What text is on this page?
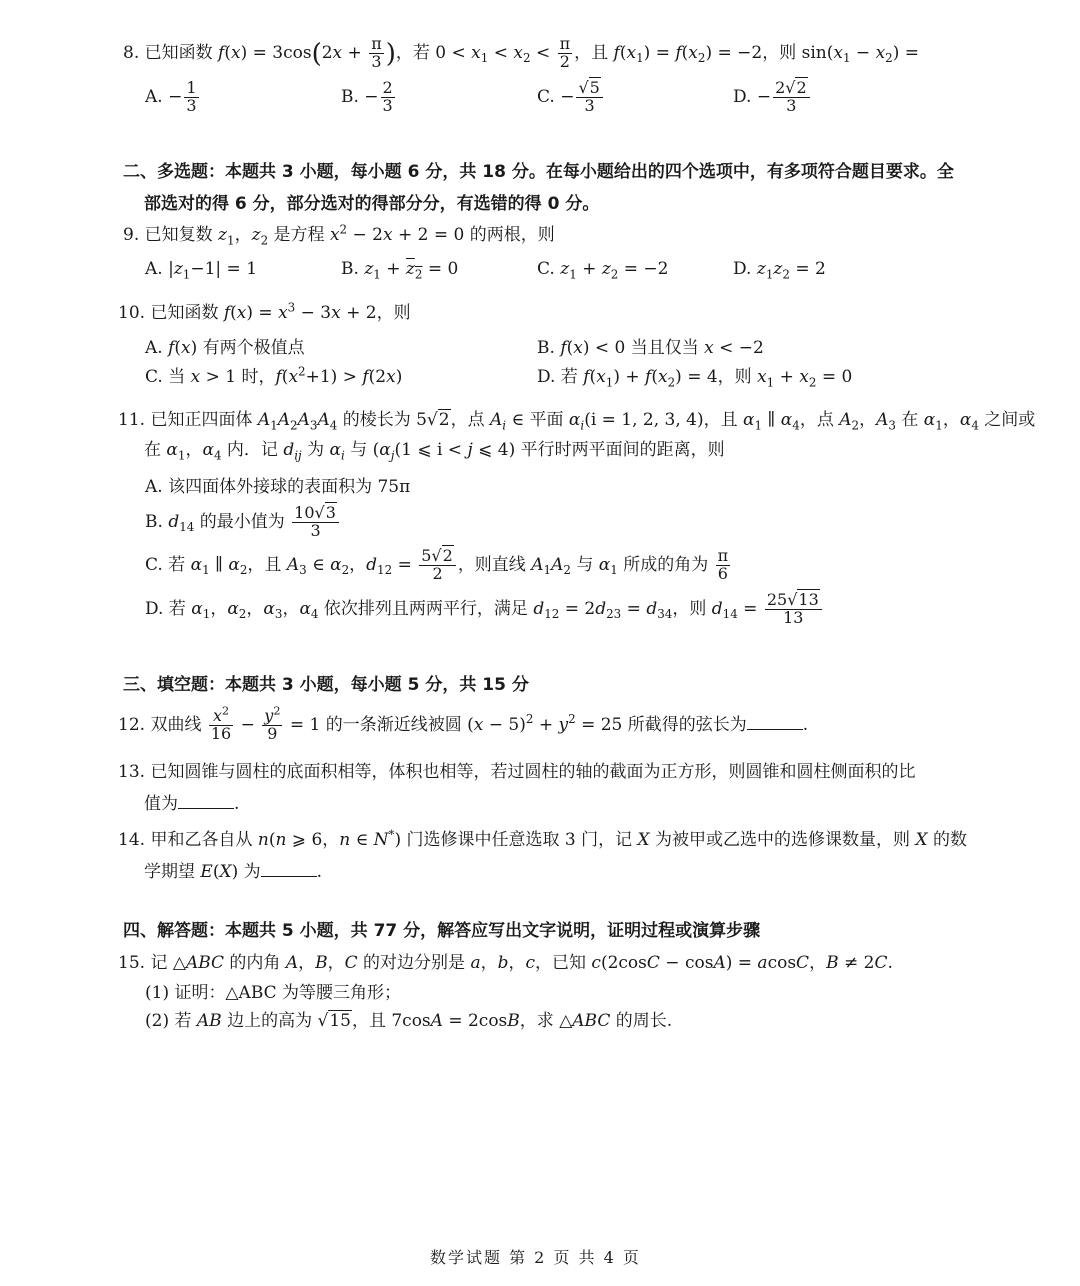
8. 已知函数 $f(x) = 3\cos(2x + \frac{\pi}{3}$ )，若 $0 < x_1 < x_2 < \frac{\pi}{2}$ ，且 $f(x_1) = f(x_2) = -2$，则 $\sin(x_1 - x_2)$ =
A. − $\frac{1}{3}$	B. − $\frac{2}{3}$	C. − $\frac{√5}{3}$	D. − $\frac{2√2}{3}$
二、多选题：本题共 3 小题，每小题 6 分，共 18 分。在每小题给出的四个选项中，有多项符合题目要求。全
部选对的得 6 分，部分选对的得部分分，有选错的得 0 分。
9. 已知复数 $z_1$，$z_2$ 是方程 $x^2 - 2x + 2 = 0$ 的两根，则
A. $|z_1-1| = 1$	B. $z_1 + z_2 = 0$	C. $z_1 + z_2 = -2$	D. $z_1z_2 = 2$
10. 已知函数 $f(x) = x^3 - 3x + 2$，则
A. f(x) 有两个极值点	B. f(x) < 0 当且仅当 x < −2
C. 当 x > 1 时，$f(x^2+1) > f(2x)$	D. 若 $f(x_1) + f(x_2) = 4$，则 $x_1 + x_2 = 0$
11. 已知正四面体 $A_1A_2A_3A_4$ 的棱长为 5√2，点 $A_i$ ∈ 平面 $\alpha_i(i = 1$, 2, 3, 4)，且 $\alpha_1$ ∥ $\alpha_4$，点 $A_2$，$A_3$ 在 $\alpha_1$，$\alpha_4$ 之间或
在 $\alpha_1$，$\alpha_4$ 内．记 $d_{ij}$ 为 $\alpha_i$ 与 ($\alpha_j(1$ ⩽ i < j ⩽ 4) 平行时两平面间的距离，则
A. 该四面体外接球的表面积为 75π
B. $d_{14}$ 的最小值为 $\frac{10√3}{3}$
C. 若 $\alpha_1$ ∥ $\alpha_2$，且 $A_3$ ∈ $\alpha_2$，$d_{12} = \frac{5√2}{2}$ ，则直线 $A_1A_2$ 与 $\alpha_1$ 所成的角为 $\frac{\pi}{6}$
D. 若 $\alpha_1$，$\alpha_2$，$\alpha_3$，$\alpha_4$ 依次排列且两两平行，满足 $d_{12} = 2d_{23} = d_{34}$，则 $d_{14} = \frac{25√13}{13}$
三、填空题：本题共 3 小题，每小题 5 分，共 15 分
12. 双曲线 $\frac{x^2}{16} - \frac{y^2}{9} = 1$ 的一条渐近线被圆 $(x - 5)^2 + y^2 = 25$ 所截得的弦长为	.
13. 已知圆锥与圆柱的底面积相等，体积也相等，若过圆柱的轴的截面为正方形，则圆锥和圆柱侧面积的比
值为	.
14. 甲和乙各自从 n(n ⩾ 6，n ∈ N*) 门选修课中任意选取 3 门，记 X 为被甲或乙选中的选修课数量，则 X 的数
学期望 E(X) 为	.
四、解答题：本题共 5 小题，共 77 分，解答应写出文字说明，证明过程或演算步骤
15. 记 △ABC 的内角 A，B，C 的对边分别是 a，b，c，已知 c(2cosC − cosA) = acosC，B ≠ 2C.
(1) 证明：△ABC 为等腰三角形；
(2) 若 AB 边上的高为 √15，且 7cosA = 2cosB，求 △ABC 的周长.
数学试题 第 2 页 共 4 页
